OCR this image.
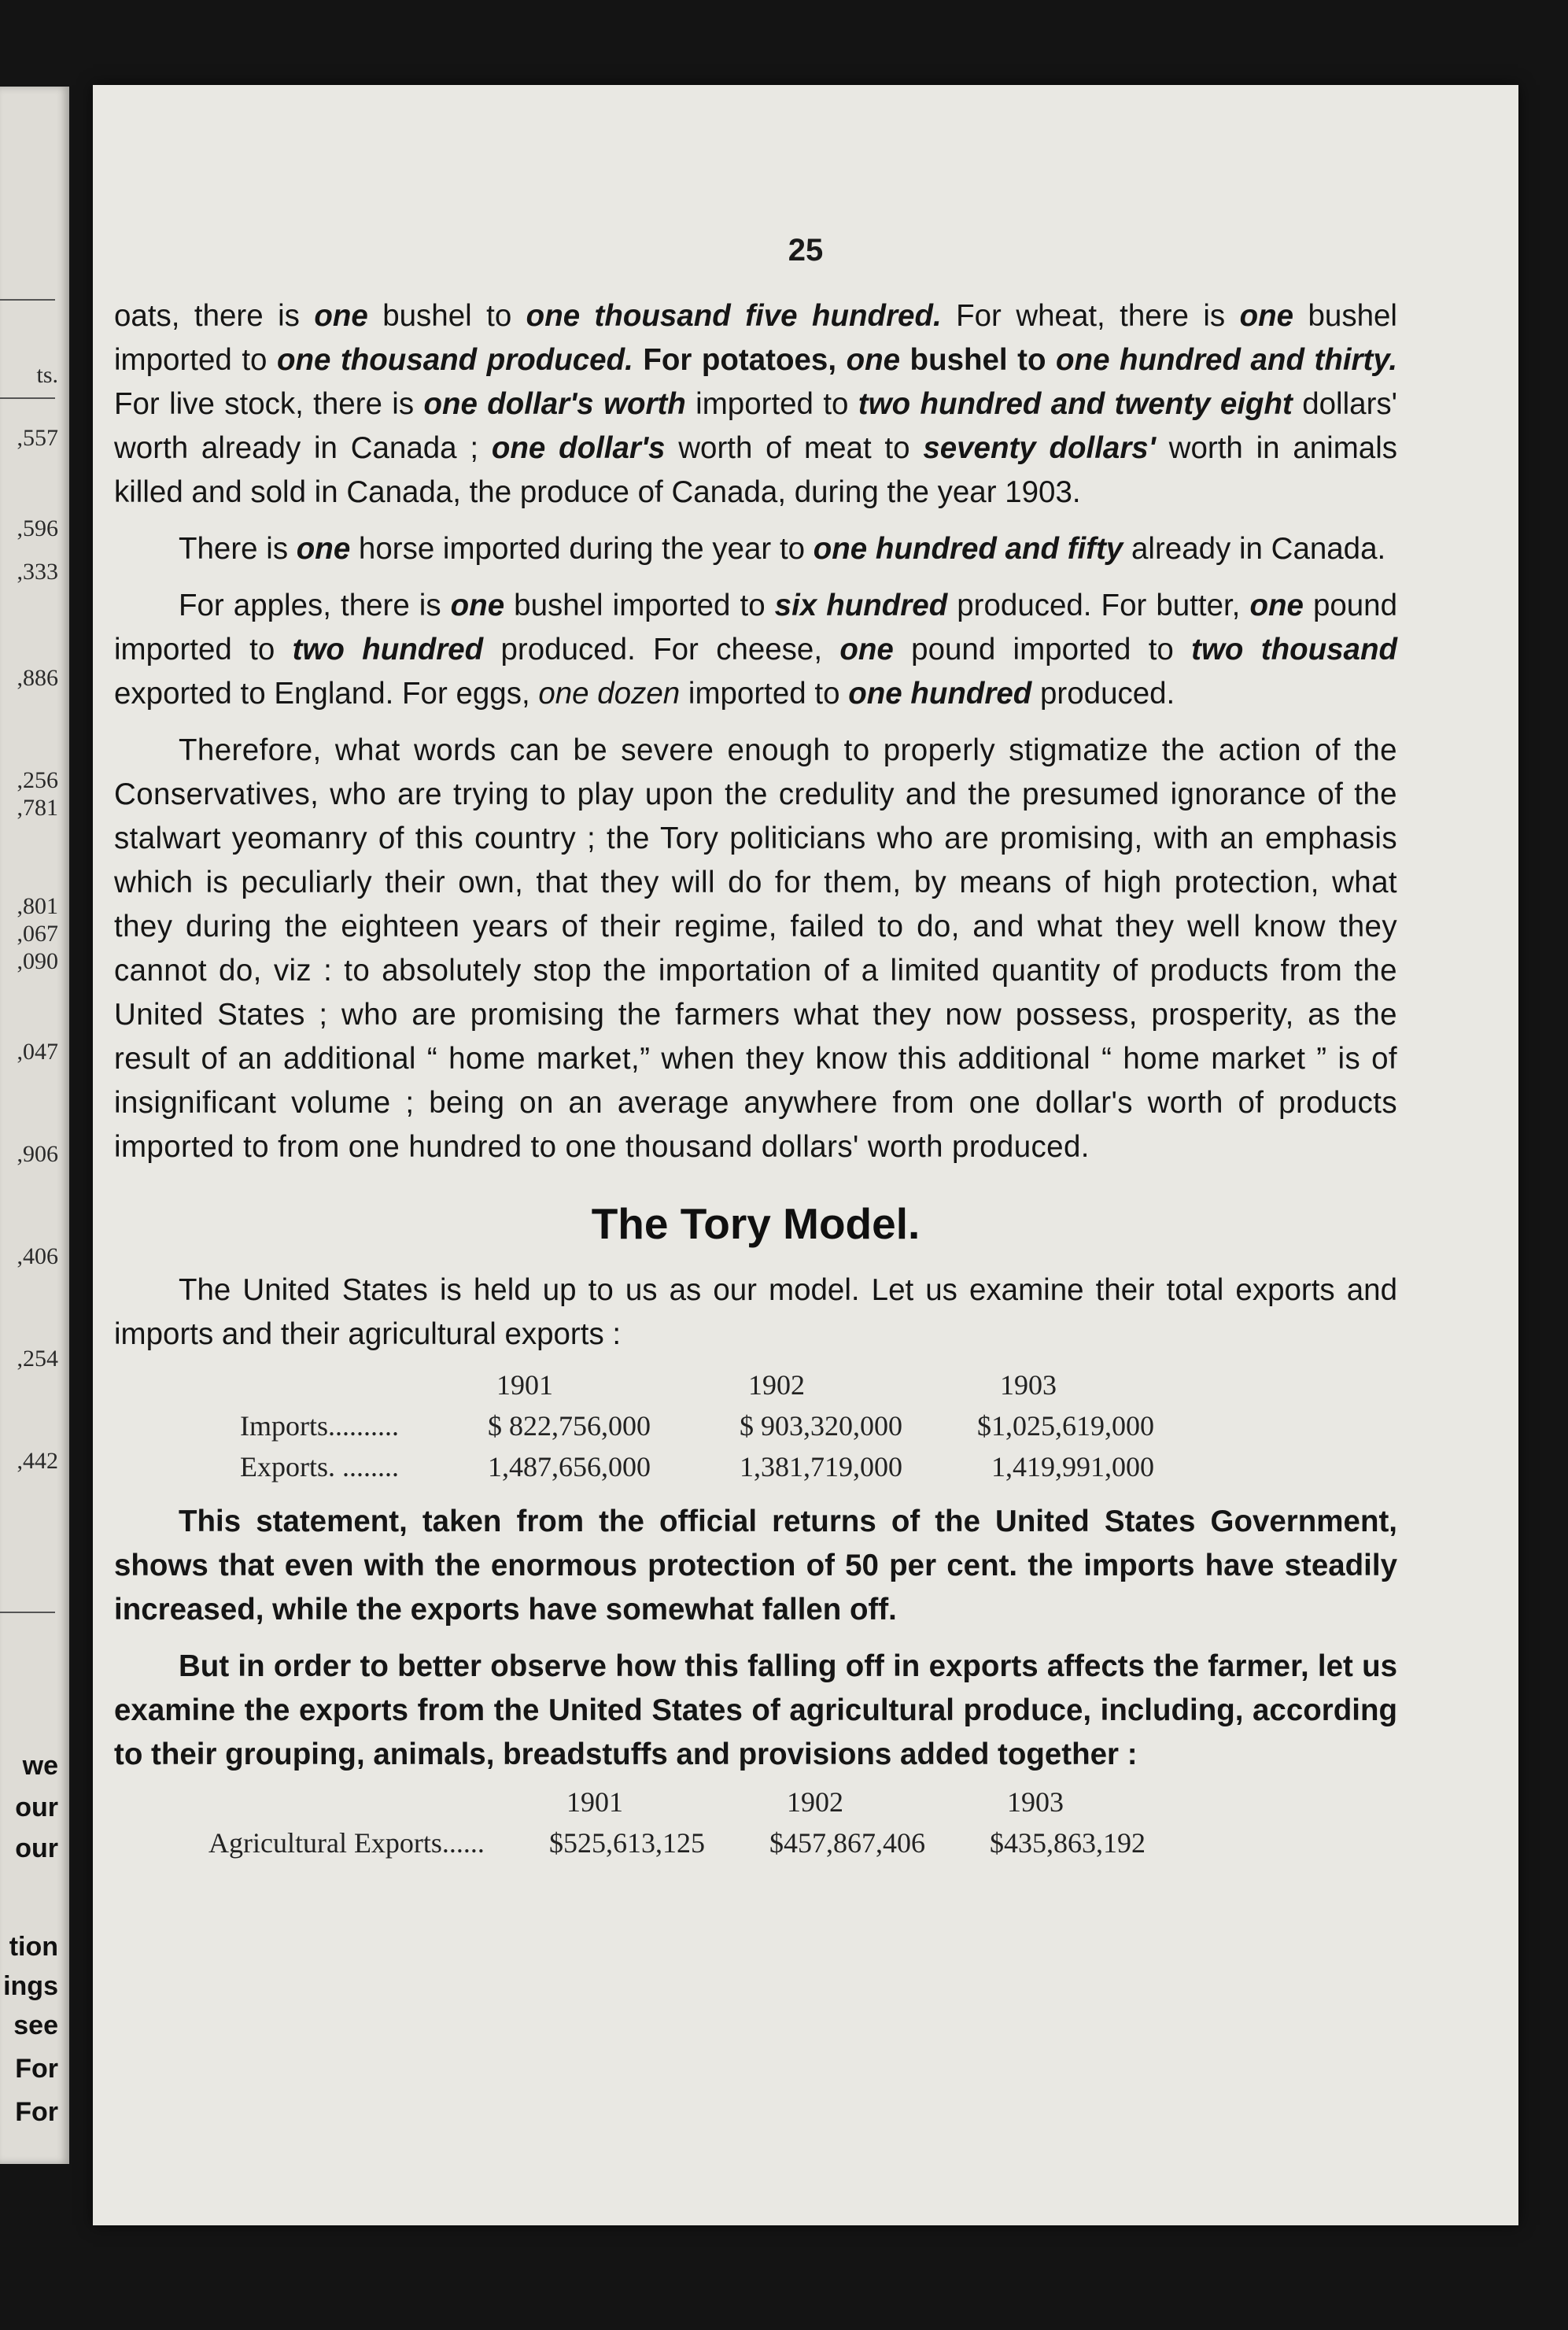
ts.
,557
,596
,333
,886
,256
,781
,801
,067
,090
,047
,906
,406
,254
,442
we
our
our
tion
ings
see
For
For
25

oats, there is one bushel to one thousand five hundred. For wheat, there is one bushel imported to one thousand produced. For potatoes, one bushel to one hundred and thirty. For live stock, there is one dollar's worth imported to two hundred and twenty eight dollars' worth already in Canada ; one dollar's worth of meat to seventy dollars' worth in animals killed and sold in Canada, the produce of Canada, during the year 1903.

There is one horse imported during the year to one hundred and fifty already in Canada.

For apples, there is one bushel imported to six hundred produced. For butter, one pound imported to two hundred produced. For cheese, one pound imported to two thousand exported to England. For eggs, one dozen imported to one hundred produced.

Therefore, what words can be severe enough to properly stigmatize the action of the Conservatives, who are trying to play upon the credulity and the presumed ignorance of the stalwart yeomanry of this country ; the Tory politicians who are promising, with an emphasis which is peculiarly their own, that they will do for them, by means of high protection, what they during the eighteen years of their regime, failed to do, and what they well know they cannot do, viz : to absolutely stop the importation of a limited quantity of products from the United States ; who are promising the farmers what they now possess, prosperity, as the result of an additional “ home market,” when they know this additional “ home market ” is of insignificant volume ; being on an average anywhere from one dollar's worth of products imported to from one hundred to one thousand dollars' worth produced.

The Tory Model.

The United States is held up to us as our model. Let us examine their total exports and imports and their agricultural exports :

	1901	1902	1903
Imports..........	$ 822,756,000	$ 903,320,000	$1,025,619,000
Exports. ........	1,487,656,000	1,381,719,000	1,419,991,000

This statement, taken from the official returns of the United States Government, shows that even with the enormous protection of 50 per cent. the imports have steadily increased, while the exports have somewhat fallen off.

But in order to better observe how this falling off in exports affects the farmer, let us examine the exports from the United States of agricultural produce, including, according to their grouping, animals, breadstuffs and provisions added together :

	1901	1902	1903
Agricultural Exports......	$525,613,125	$457,867,406	$435,863,192
